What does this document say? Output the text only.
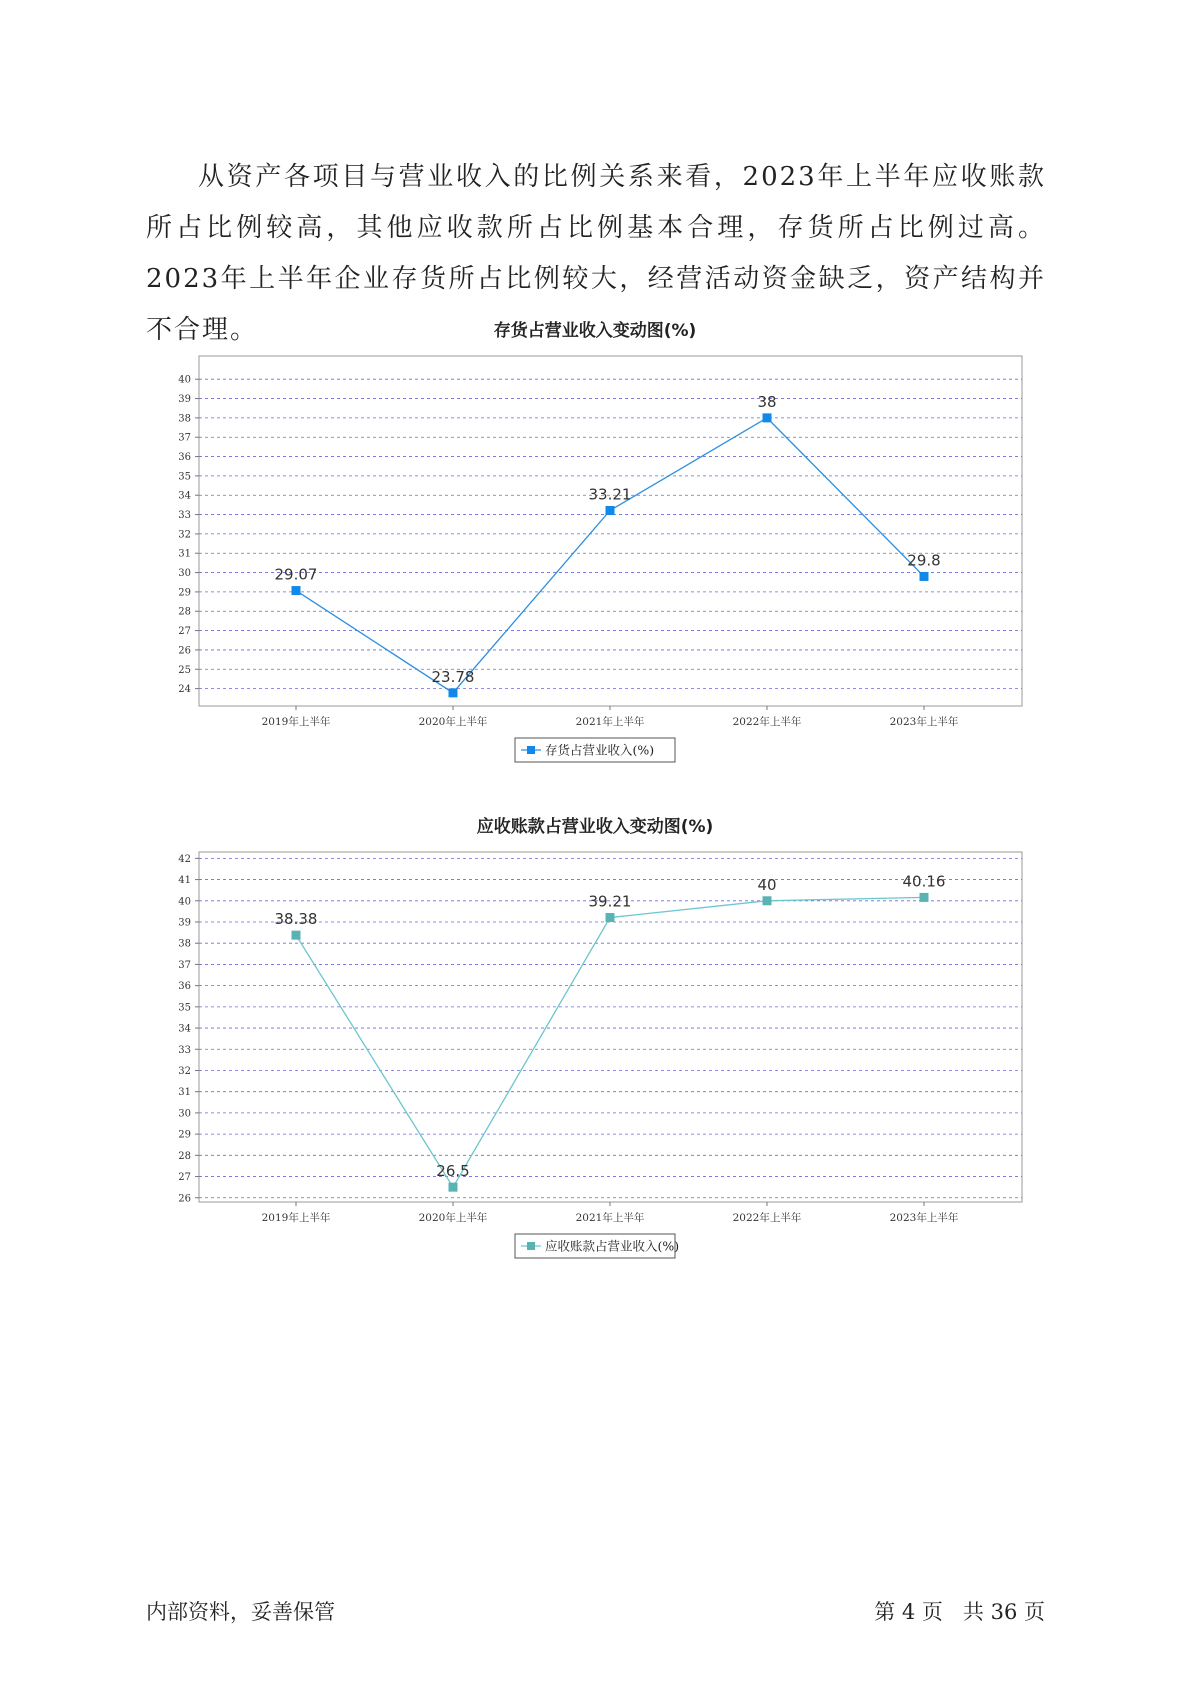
从资产各项目与营业收入的比例关系来看，2023年上半年应收账款所占比例较高，其他应收款所占比例基本合理，存货所占比例过高。2023年上半年企业存货所占比例较大，经营活动资金缺乏，资产结构并不合理。	存货占营业收入变动图(%)
24
25
26
27
28
29
30
31
32
33
34
35
36
37
38
39
40
2019年上半年	2020年上半年	2021年上半年	2022年上半年	2023年上半年
29.07
23.78
33.21
38
29.8
存货占营业收入(%)
应收账款占营业收入变动图(%)
26
27
28
29
30
31
32
33
34
35
36
37
38
39
40
41
42
2019年上半年	2020年上半年	2021年上半年	2022年上半年	2023年上半年
38.38
26.5
39.21
40	40.16
应收账款占营业收入(%)
内部资料，妥善保管	第 4 页   共 36 页
